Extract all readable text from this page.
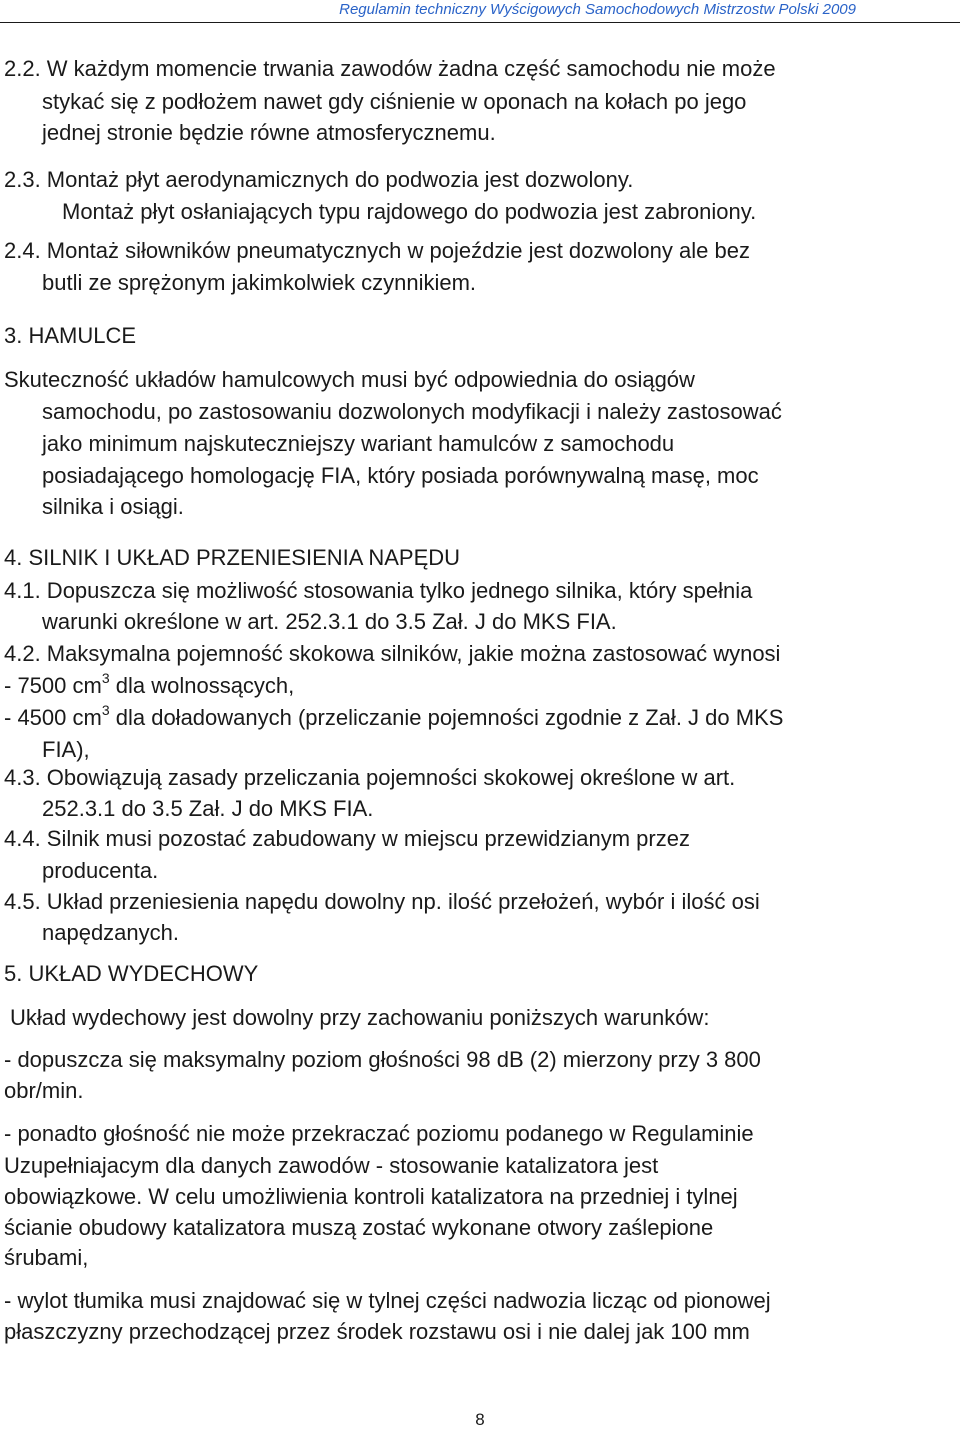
Regulamin techniczny Wyścigowych Samochodowych Mistrzostw Polski 2009
2.2. W każdym momencie trwania zawodów żadna część samochodu nie może
stykać się z podłożem nawet gdy ciśnienie w oponach na kołach po jego
jednej stronie będzie równe atmosferycznemu.
2.3. Montaż płyt aerodynamicznych do podwozia jest dozwolony.
Montaż płyt osłaniających typu rajdowego do podwozia jest zabroniony.
2.4. Montaż siłowników pneumatycznych w pojeździe jest dozwolony ale bez
butli ze sprężonym jakimkolwiek czynnikiem.
3. HAMULCE
Skuteczność układów hamulcowych musi być odpowiednia do osiągów
samochodu, po zastosowaniu dozwolonych modyfikacji i należy zastosować
jako minimum najskuteczniejszy wariant hamulców z samochodu
posiadającego homologację FIA, który posiada porównywalną masę, moc
silnika i osiągi.
4. SILNIK I UKŁAD PRZENIESIENIA NAPĘDU
4.1. Dopuszcza się możliwość stosowania tylko jednego silnika, który spełnia
warunki określone w art. 252.3.1 do 3.5 Zał. J do MKS FIA.
4.2. Maksymalna pojemność skokowa silników, jakie można zastosować wynosi
- 7500 $cm^3$ dla wolnossących,
- 4500 $cm^3$ dla doładowanych (przeliczanie pojemności zgodnie z Zał. J do MKS
FIA),
4.3. Obowiązują zasady przeliczania pojemności skokowej określone w art.
252.3.1 do 3.5 Zał. J do MKS FIA.
4.4. Silnik musi pozostać zabudowany w miejscu przewidzianym przez
producenta.
4.5. Układ przeniesienia napędu dowolny np. ilość przełożeń, wybór i ilość osi
napędzanych.
5. UKŁAD WYDECHOWY
Układ wydechowy jest dowolny przy zachowaniu poniższych warunków:
- dopuszcza się maksymalny poziom głośności 98 dB (2) mierzony przy 3 800
obr/min.
- ponadto głośność nie może przekraczać poziomu podanego w Regulaminie
Uzupełniajacym dla danych zawodów - stosowanie katalizatora jest
obowiązkowe. W celu umożliwienia kontroli katalizatora na przedniej i tylnej
ścianie obudowy katalizatora muszą zostać wykonane otwory zaślepione
śrubami,
- wylot tłumika musi znajdować się w tylnej części nadwozia licząc od pionowej
płaszczyzny przechodzącej przez środek rozstawu osi i nie dalej jak 100 mm
8
